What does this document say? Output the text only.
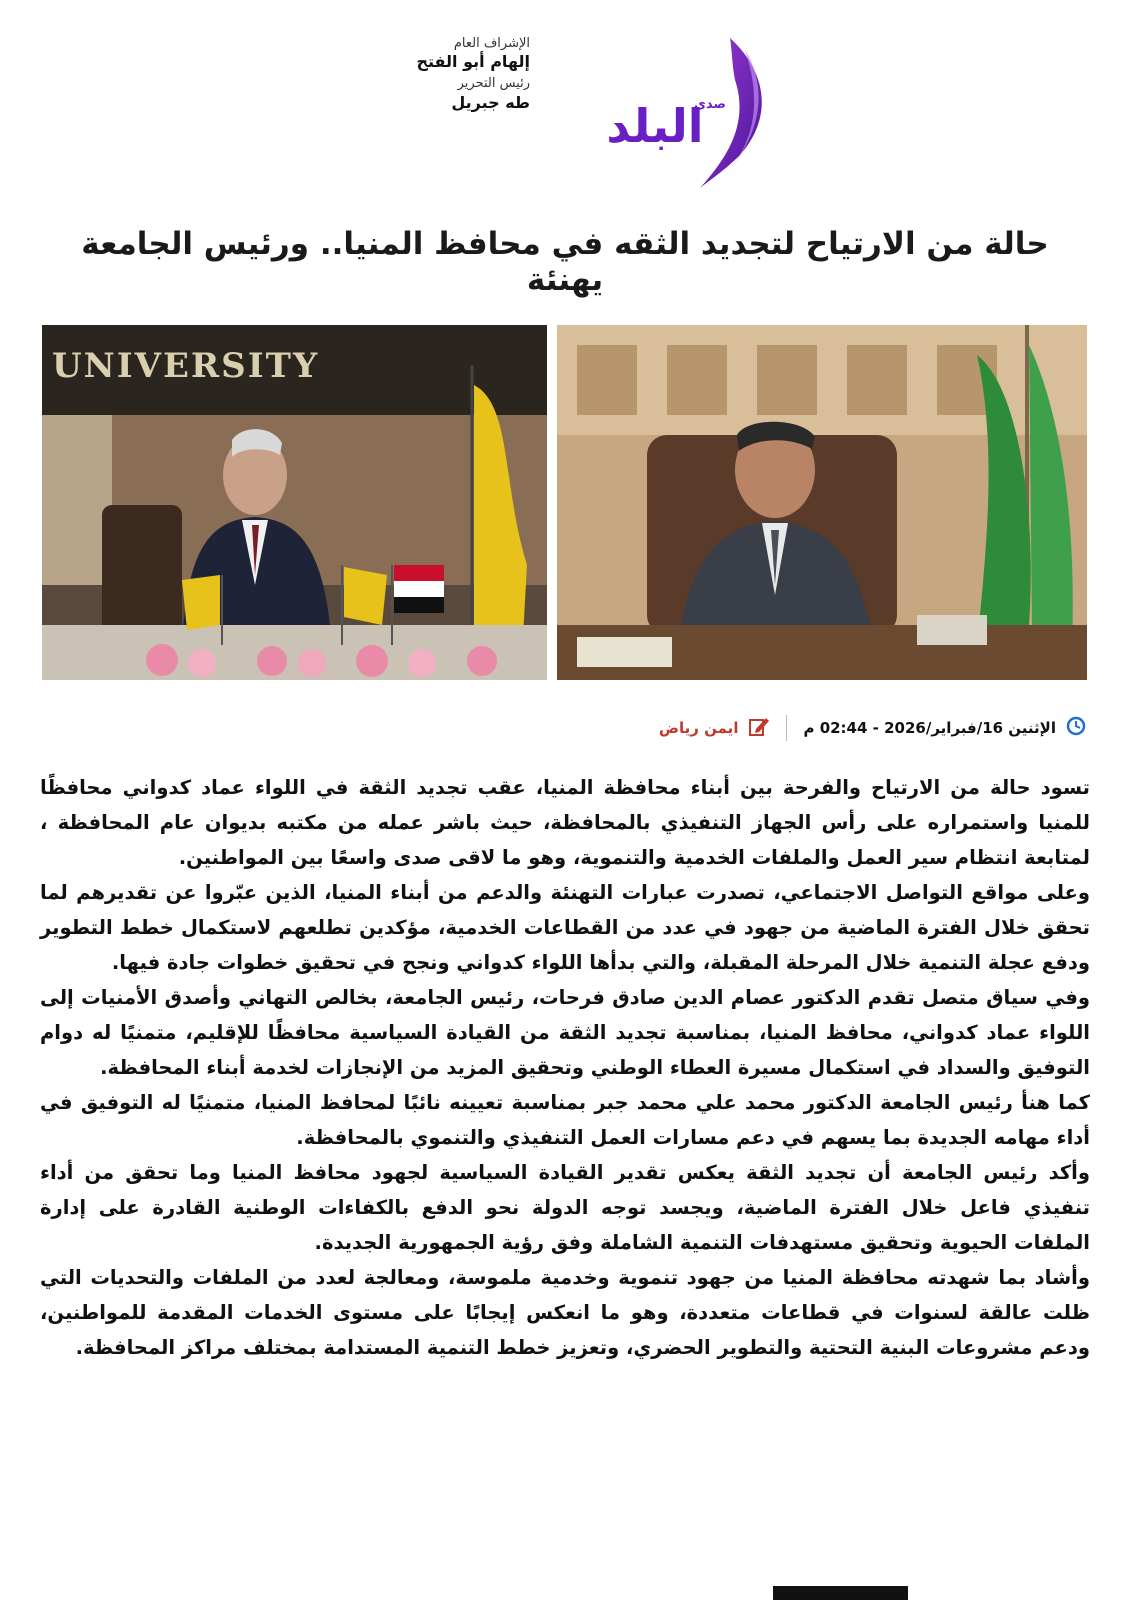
الإشراف العام
إلهام أبو الفتح
رئيس التحرير
طه جبريل	صدى
البلد
حالة من الارتياح لتجديد الثقه في محافظ المنيا.. ورئيس الجامعة يهنئة
UNIVERSITY
الإثنين 16/فبراير/2026 - 02:44 م
ايمن رياض

تسود حالة من الارتياح والفرحة بين أبناء محافظة المنيا، عقب تجديد الثقة في اللواء عماد كدواني محافظًا للمنيا واستمراره على رأس الجهاز التنفيذي بالمحافظة، حيث باشر عمله من مكتبه بديوان عام المحافظة ، لمتابعة انتظام سير العمل والملفات الخدمية والتنموية، وهو ما لاقى صدى واسعًا بين المواطنين.

وعلى مواقع التواصل الاجتماعي، تصدرت عبارات التهنئة والدعم من أبناء المنيا، الذين عبّروا عن تقديرهم لما تحقق خلال الفترة الماضية من جهود في عدد من القطاعات الخدمية، مؤكدين تطلعهم لاستكمال خطط التطوير ودفع عجلة التنمية خلال المرحلة المقبلة، والتي بدأها اللواء كدواني ونجح في تحقيق خطوات جادة فيها.

وفي سياق متصل تقدم الدكتور عصام الدين صادق فرحات، رئيس الجامعة، بخالص التهاني وأصدق الأمنيات إلى اللواء عماد كدواني، محافظ المنيا، بمناسبة تجديد الثقة من القيادة السياسية محافظًا للإقليم، متمنيًا له دوام التوفيق والسداد في استكمال مسيرة العطاء الوطني وتحقيق المزيد من الإنجازات لخدمة أبناء المحافظة.

كما هنأ رئيس الجامعة الدكتور محمد علي محمد جبر بمناسبة تعيينه نائبًا لمحافظ المنيا، متمنيًا له التوفيق في أداء مهامه الجديدة بما يسهم في دعم مسارات العمل التنفيذي والتنموي بالمحافظة.

وأكد رئيس الجامعة أن تجديد الثقة يعكس تقدير القيادة السياسية لجهود محافظ المنيا وما تحقق من أداء تنفيذي فاعل خلال الفترة الماضية، ويجسد توجه الدولة نحو الدفع بالكفاءات الوطنية القادرة على إدارة الملفات الحيوية وتحقيق مستهدفات التنمية الشاملة وفق رؤية الجمهورية الجديدة.

وأشاد بما شهدته محافظة المنيا من جهود تنموية وخدمية ملموسة، ومعالجة لعدد من الملفات والتحديات التي ظلت عالقة لسنوات في قطاعات متعددة، وهو ما انعكس إيجابًا على مستوى الخدمات المقدمة للمواطنين، ودعم مشروعات البنية التحتية والتطوير الحضري، وتعزيز خطط التنمية المستدامة بمختلف مراكز المحافظة.
